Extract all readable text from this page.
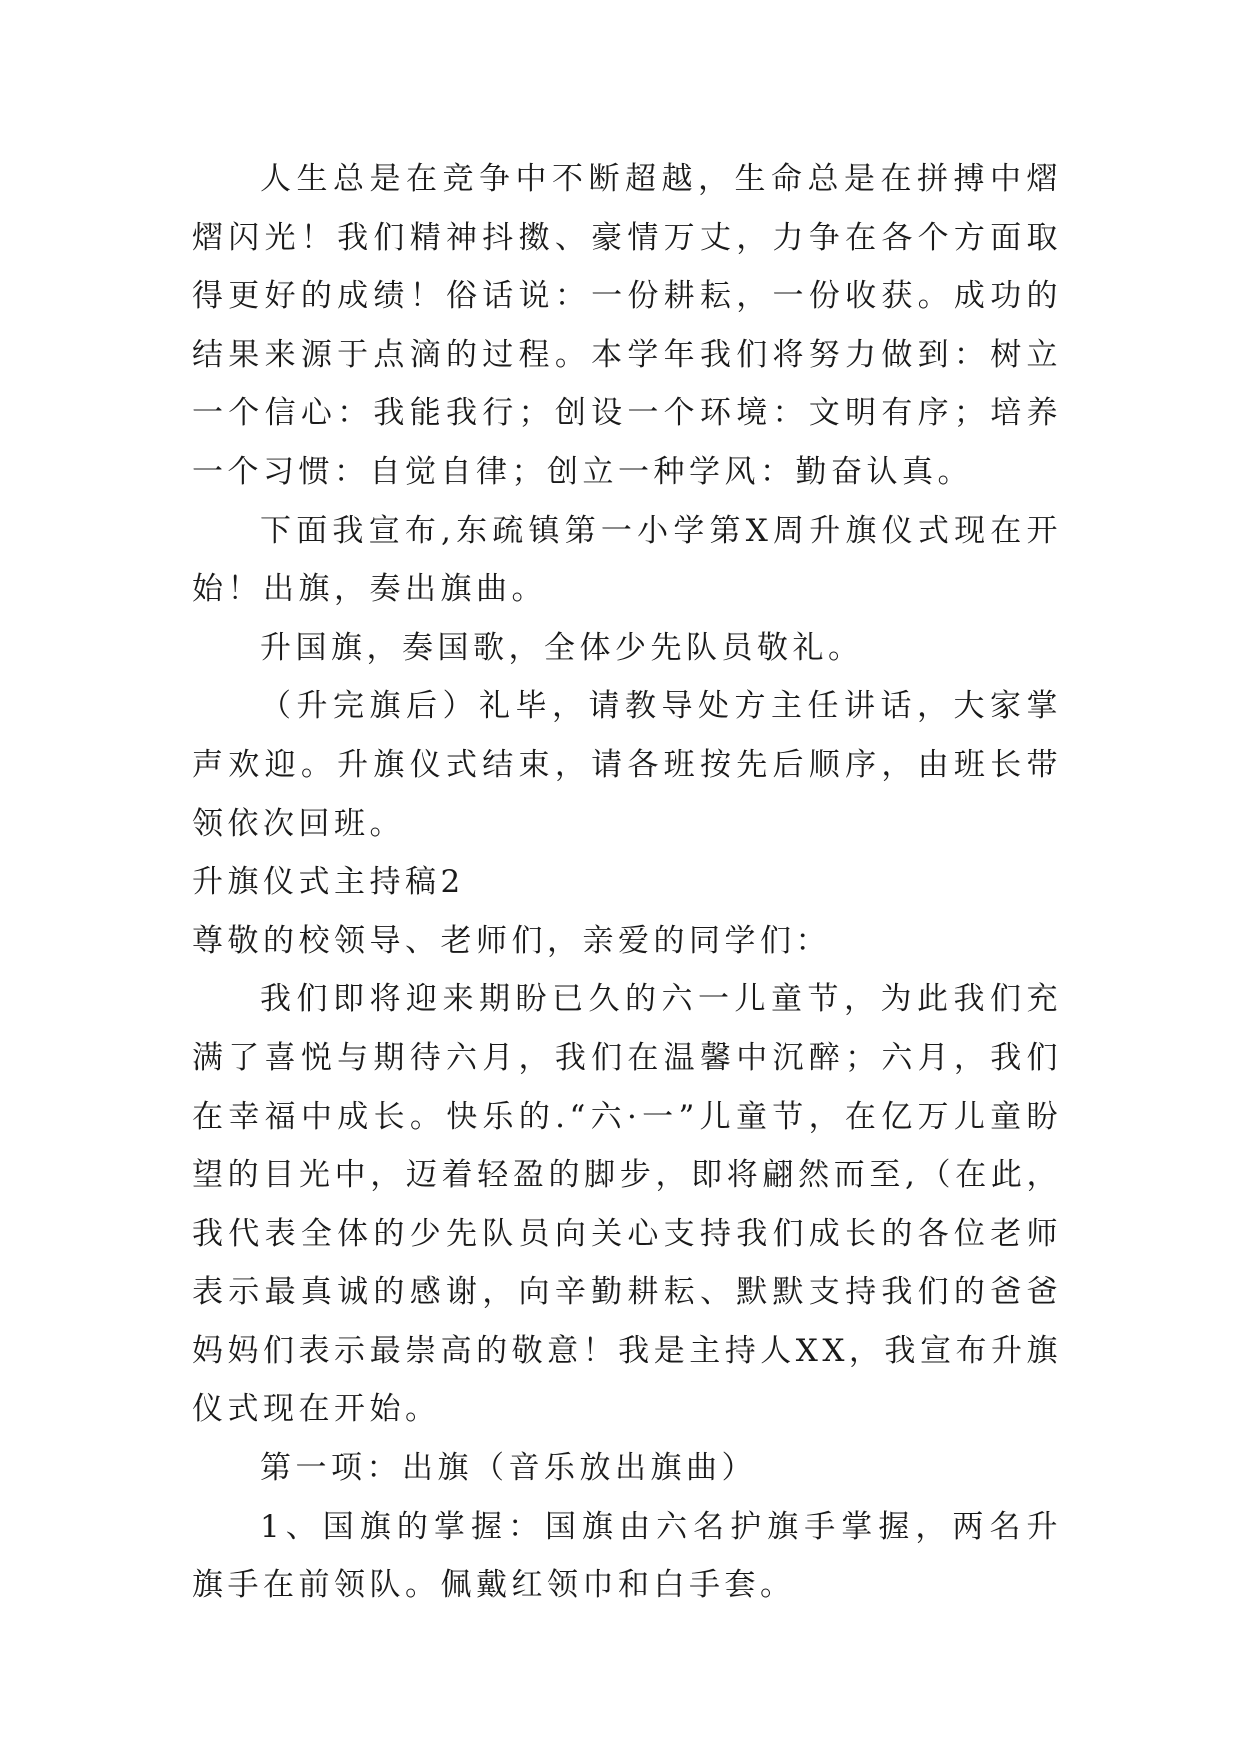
人生总是在竞争中不断超越，生命总是在拼搏中熠熠闪光！我们精神抖擞、豪情万丈，力争在各个方面取得更好的成绩！俗话说：一份耕耘，一份收获。成功的结果来源于点滴的过程。本学年我们将努力做到：树立一个信心：我能我行；创设一个环境：文明有序；培养一个习惯：自觉自律；创立一种学风：勤奋认真。

下面我宣布,东疏镇第一小学第X周升旗仪式现在开始！出旗，奏出旗曲。

升国旗，奏国歌，全体少先队员敬礼。

（升完旗后）礼毕，请教导处方主任讲话，大家掌声欢迎。升旗仪式结束，请各班按先后顺序，由班长带领依次回班。

升旗仪式主持稿2

尊敬的校领导、老师们，亲爱的同学们：

我们即将迎来期盼已久的六一儿童节，为此我们充满了喜悦与期待六月，我们在温馨中沉醉；六月，我们在幸福中成长。快乐的.“六·一”儿童节，在亿万儿童盼望的目光中，迈着轻盈的脚步，即将翩然而至,（在此，我代表全体的少先队员向关心支持我们成长的各位老师表示最真诚的感谢，向辛勤耕耘、默默支持我们的爸爸妈妈们表示最崇高的敬意！我是主持人XX，我宣布升旗仪式现在开始。

第一项：出旗（音乐放出旗曲）

1、国旗的掌握：国旗由六名护旗手掌握，两名升旗手在前领队。佩戴红领巾和白手套。
